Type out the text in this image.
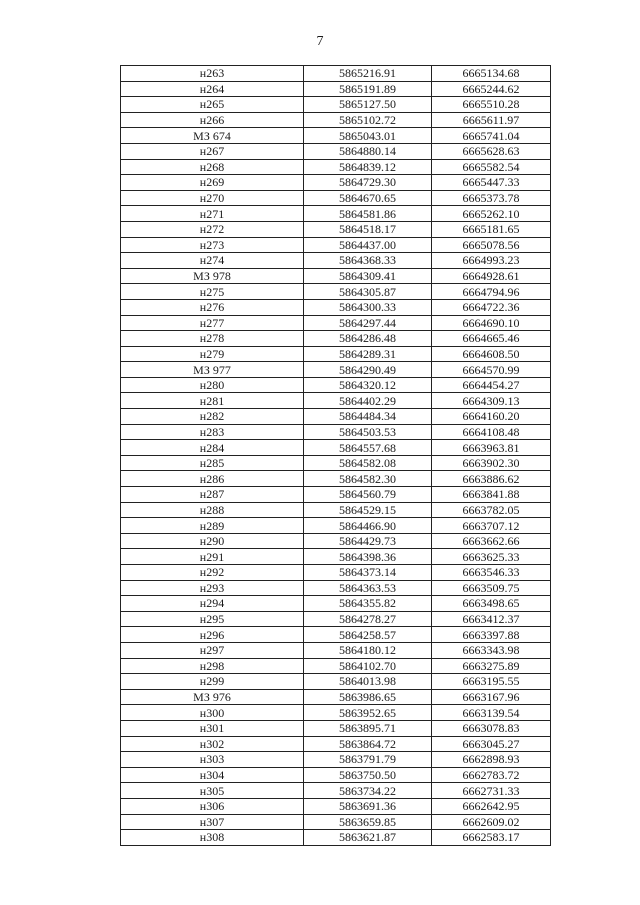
7
н263	5865216.91	6665134.68
н264	5865191.89	6665244.62
н265	5865127.50	6665510.28
н266	5865102.72	6665611.97
МЗ 674	5865043.01	6665741.04
н267	5864880.14	6665628.63
н268	5864839.12	6665582.54
н269	5864729.30	6665447.33
н270	5864670.65	6665373.78
н271	5864581.86	6665262.10
н272	5864518.17	6665181.65
н273	5864437.00	6665078.56
н274	5864368.33	6664993.23
МЗ 978	5864309.41	6664928.61
н275	5864305.87	6664794.96
н276	5864300.33	6664722.36
н277	5864297.44	6664690.10
н278	5864286.48	6664665.46
н279	5864289.31	6664608.50
МЗ 977	5864290.49	6664570.99
н280	5864320.12	6664454.27
н281	5864402.29	6664309.13
н282	5864484.34	6664160.20
н283	5864503.53	6664108.48
н284	5864557.68	6663963.81
н285	5864582.08	6663902.30
н286	5864582.30	6663886.62
н287	5864560.79	6663841.88
н288	5864529.15	6663782.05
н289	5864466.90	6663707.12
н290	5864429.73	6663662.66
н291	5864398.36	6663625.33
н292	5864373.14	6663546.33
н293	5864363.53	6663509.75
н294	5864355.82	6663498.65
н295	5864278.27	6663412.37
н296	5864258.57	6663397.88
н297	5864180.12	6663343.98
н298	5864102.70	6663275.89
н299	5864013.98	6663195.55
МЗ 976	5863986.65	6663167.96
н300	5863952.65	6663139.54
н301	5863895.71	6663078.83
н302	5863864.72	6663045.27
н303	5863791.79	6662898.93
н304	5863750.50	6662783.72
н305	5863734.22	6662731.33
н306	5863691.36	6662642.95
н307	5863659.85	6662609.02
н308	5863621.87	6662583.17
